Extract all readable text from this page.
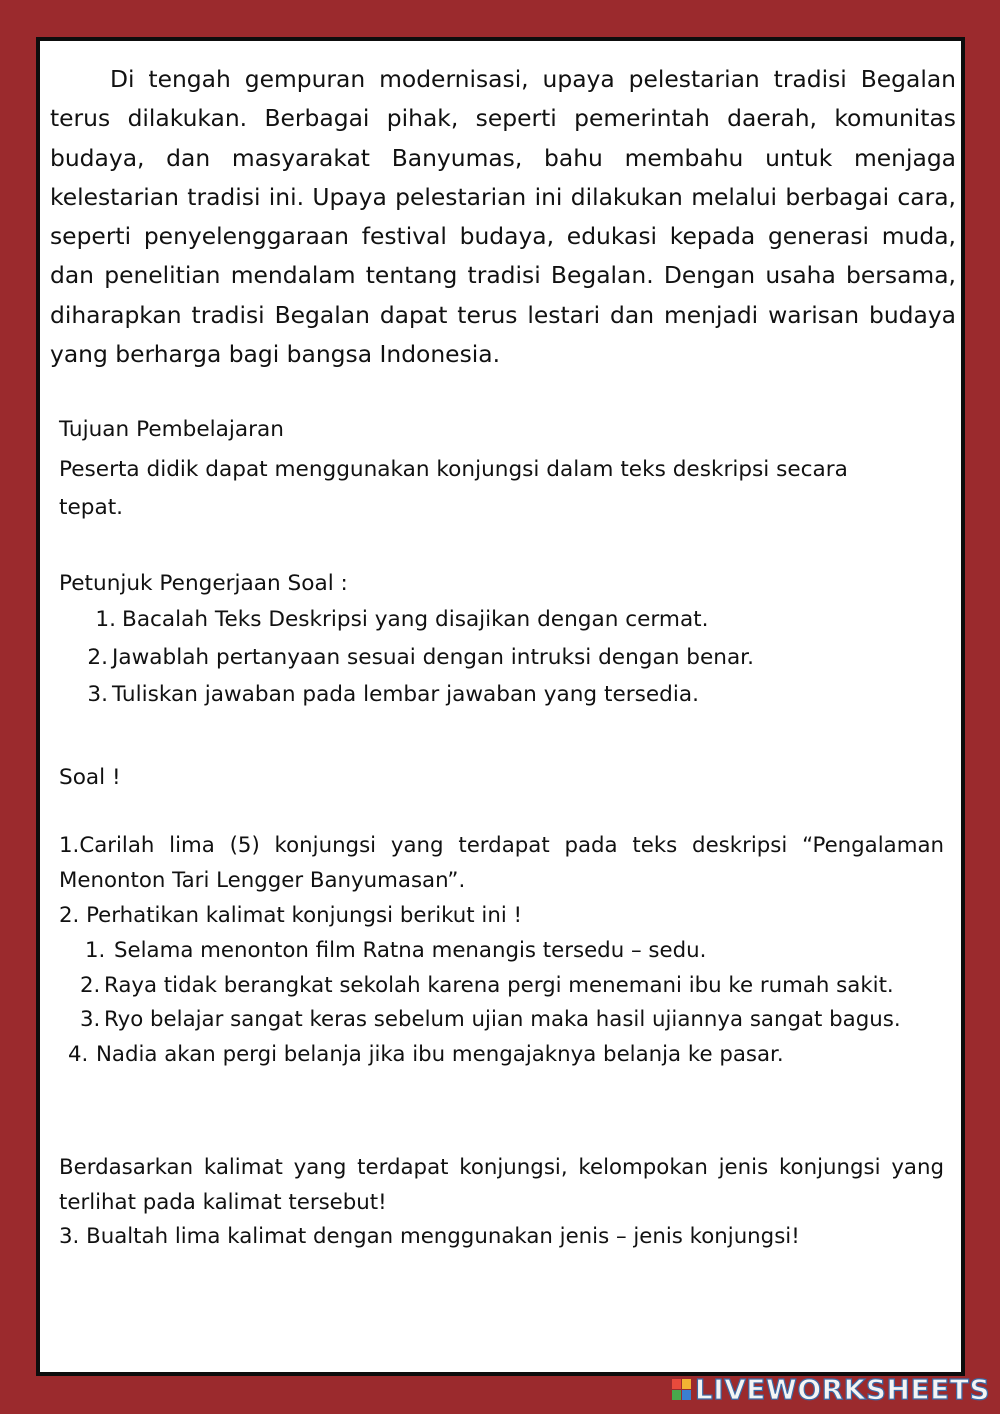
Di tengah gempuran modernisasi, upaya pelestarian tradisi Begalan terus dilakukan. Berbagai pihak, seperti pemerintah daerah, komunitas budaya, dan masyarakat Banyumas, bahu membahu untuk menjaga kelestarian tradisi ini. Upaya pelestarian ini dilakukan melalui berbagai cara, seperti penyelenggaraan festival budaya, edukasi kepada generasi muda, dan penelitian mendalam tentang tradisi Begalan. Dengan usaha bersama, diharapkan tradisi Begalan dapat terus lestari dan menjadi warisan budaya yang berharga bagi bangsa Indonesia.

Tujuan Pembelajaran
Peserta didik dapat menggunakan konjungsi dalam teks deskripsi secara tepat.
Petunjuk Pengerjaan Soal :
1. Bacalah Teks Deskripsi yang disajikan dengan cermat.
2. Jawablah pertanyaan sesuai dengan intruksi dengan benar.
3. Tuliskan jawaban pada lembar jawaban yang tersedia.
Soal !

1.Carilah lima (5) konjungsi yang terdapat pada teks deskripsi “Pengalaman Menonton Tari Lengger Banyumasan”.

2. Perhatikan kalimat konjungsi berikut ini !

1. Selama menonton film Ratna menangis tersedu – sedu.
2. Raya tidak berangkat sekolah karena pergi menemani ibu ke rumah sakit.
3. Ryo belajar sangat keras sebelum ujian maka hasil ujiannya sangat bagus.
4. Nadia akan pergi belanja jika ibu mengajaknya belanja ke pasar.

Berdasarkan kalimat yang terdapat konjungsi, kelompokan jenis konjungsi yang terlihat pada kalimat tersebut!

3. Bualtah lima kalimat dengan menggunakan jenis – jenis konjungsi!

LIVEWORKSHEETS
